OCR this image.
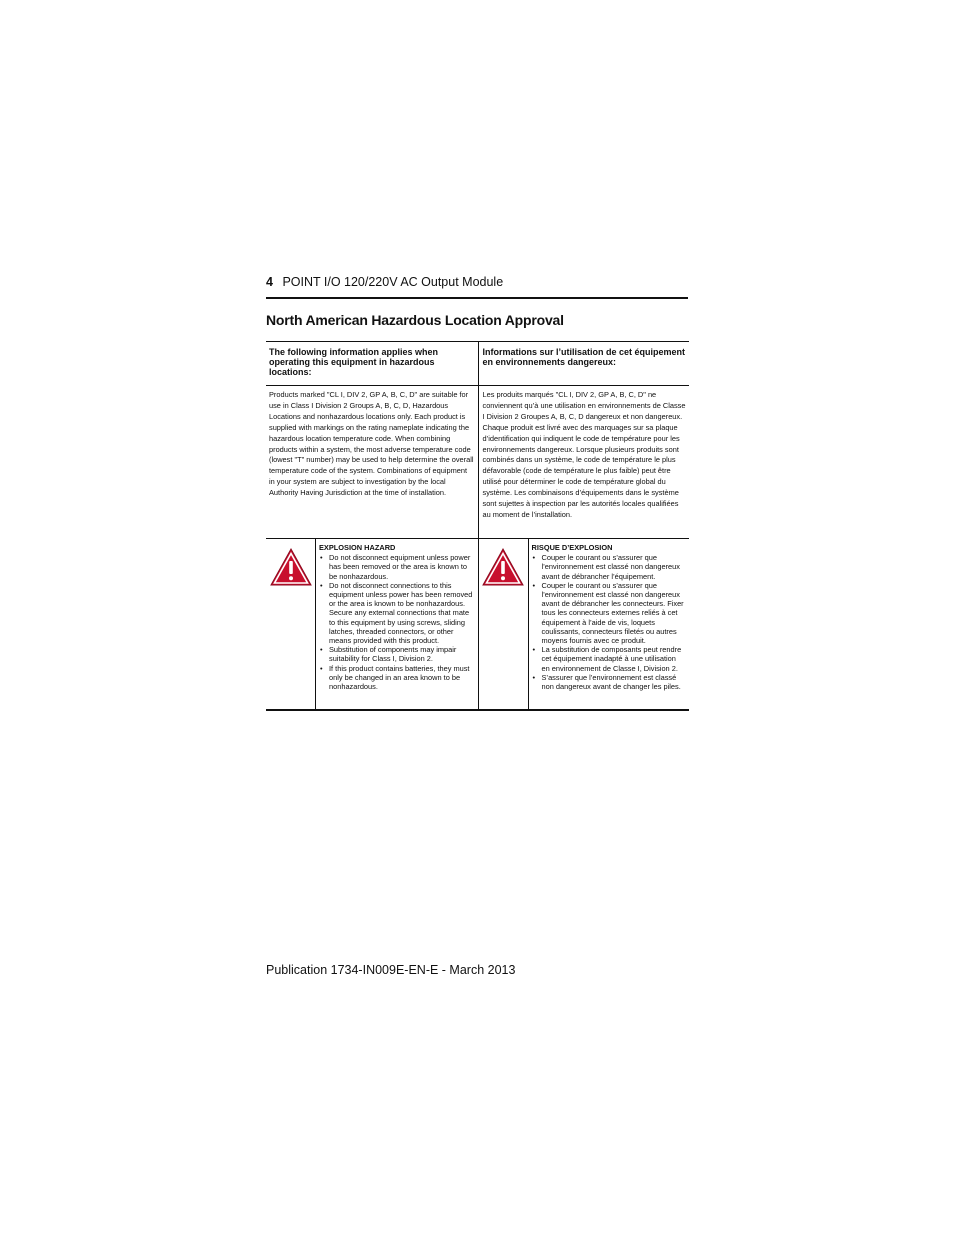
4 POINT I/O 120/220V AC Output Module
North American Hazardous Location Approval
The following information applies when operating this equipment in hazardous locations:
Informations sur l’utilisation de cet équipement en environnements dangereux:
Products marked "CL I, DIV 2, GP A, B, C, D" are suitable for use in Class I Division 2 Groups A, B, C, D, Hazardous Locations and nonhazardous locations only. Each product is supplied with markings on the rating nameplate indicating the hazardous location temperature code. When combining products within a system, the most adverse temperature code (lowest "T" number) may be used to help determine the overall temperature code of the system. Combinations of equipment in your system are subject to investigation by the local Authority Having Jurisdiction at the time of installation.
Les produits marqués "CL I, DIV 2, GP A, B, C, D" ne conviennent qu’à une utilisation en environnements de Classe I Division 2 Groupes A, B, C, D dangereux et non dangereux. Chaque produit est livré avec des marquages sur sa plaque d’identification qui indiquent le code de température pour les environnements dangereux. Lorsque plusieurs produits sont combinés dans un système, le code de température le plus défavorable (code de température le plus faible) peut être utilisé pour déterminer le code de température global du système. Les combinaisons d’équipements dans le système sont sujettes à inspection par les autorités locales qualifiées au moment de l’installation.
EXPLOSION HAZARD
• Do not disconnect equipment unless power has been removed or the area is known to be nonhazardous.
• Do not disconnect connections to this equipment unless power has been removed or the area is known to be nonhazardous. Secure any external connections that mate to this equipment by using screws, sliding latches, threaded connectors, or other means provided with this product.
• Substitution of components may impair suitability for Class I, Division 2.
• If this product contains batteries, they must only be changed in an area known to be nonhazardous.
RISQUE D’EXPLOSION
• Couper le courant ou s’assurer que l’environnement est classé non dangereux avant de débrancher l’équipement.
• Couper le courant ou s’assurer que l’environnement est classé non dangereux avant de débrancher les connecteurs. Fixer tous les connecteurs externes reliés à cet équipement à l’aide de vis, loquets coulissants, connecteurs filetés ou autres moyens fournis avec ce produit.
• La substitution de composants peut rendre cet équipement inadapté à une utilisation en environnement de Classe I, Division 2.
• S’assurer que l’environnement est classé non dangereux avant de changer les piles.
Publication 1734-IN009E-EN-E - March 2013
